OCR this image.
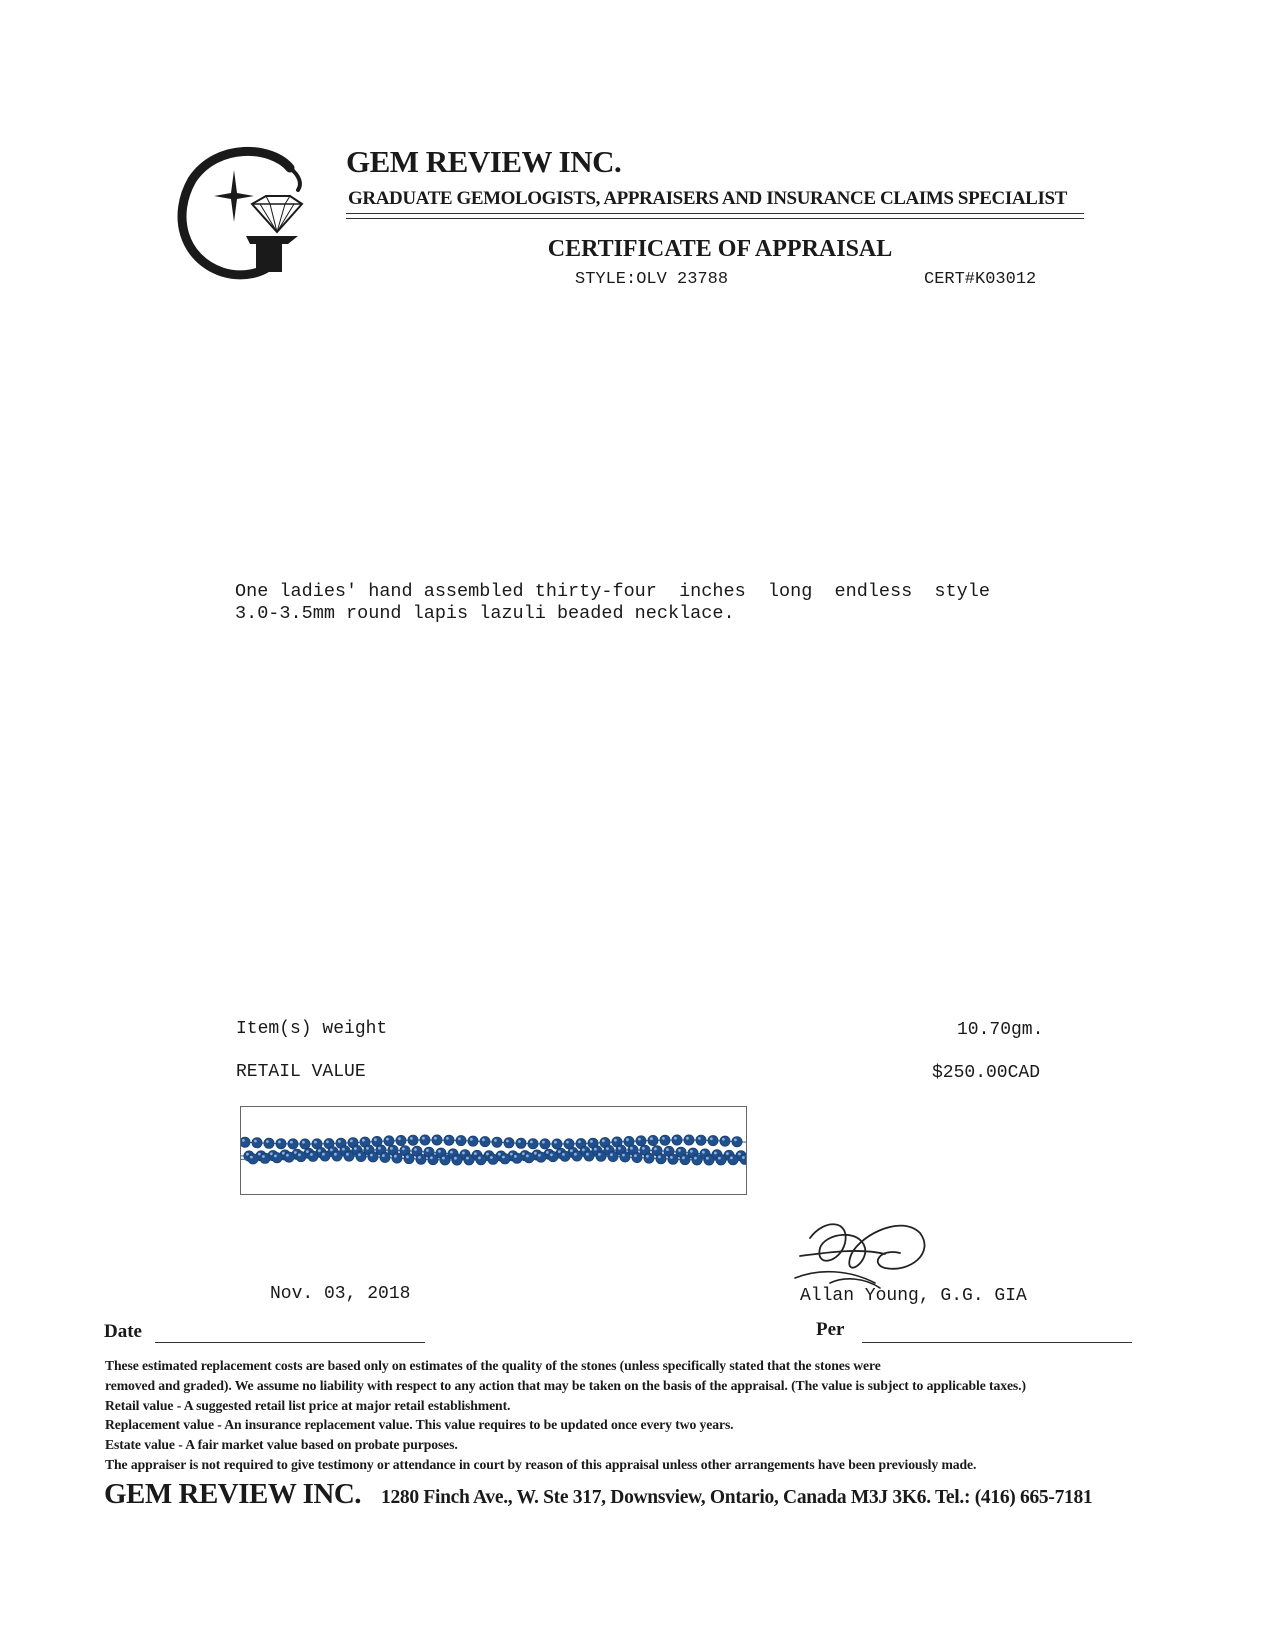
GEM REVIEW INC.
GRADUATE GEMOLOGISTS, APPRAISERS AND INSURANCE CLAIMS SPECIALIST
CERTIFICATE OF APPRAISAL
STYLE:OLV 23788	CERT#K03012
One ladies' hand assembled thirty-four  inches  long  endless  style
3.0-3.5mm round lapis lazuli beaded necklace.
Item(s) weight	10.70gm.
RETAIL VALUE	$250.00CAD
Nov. 03, 2018	Allan Young, G.G. GIA
Date	Per
These estimated replacement costs are based only on estimates of the quality of the stones (unless specifically stated that the stones were
removed and graded). We assume no liability with respect to any action that may be taken on the basis of the appraisal. (The value is subject to applicable taxes.)
Retail value - A suggested retail list price at major retail establishment.
Replacement value - An insurance replacement value. This value requires to be updated once every two years.
Estate value - A fair market value based on probate purposes.
The appraiser is not required to give testimony or attendance in court by reason of this appraisal unless other arrangements have been previously made.
GEM REVIEW INC. 1280 Finch Ave., W. Ste 317, Downsview, Ontario, Canada M3J 3K6. Tel.: (416) 665-7181
